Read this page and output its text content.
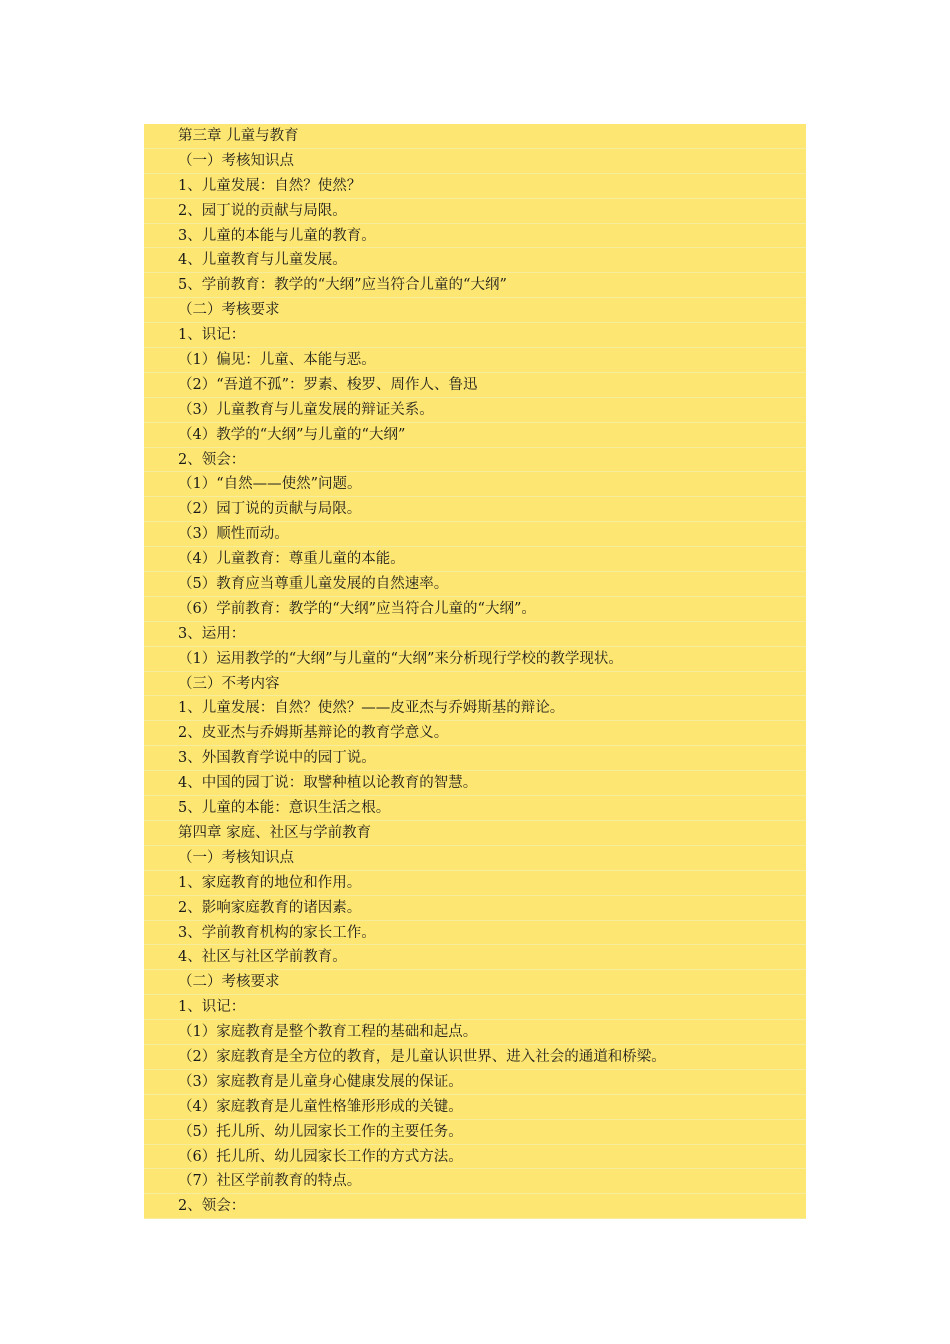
第三章 儿童与教育
（一）考核知识点
1、儿童发展：自然？使然？
2、园丁说的贡献与局限。
3、儿童的本能与儿童的教育。
4、儿童教育与儿童发展。
5、学前教育：教学的“大纲”应当符合儿童的“大纲”
（二）考核要求
1、识记：
（1）偏见：儿童、本能与恶。
（2）“吾道不孤”：罗素、梭罗、周作人、鲁迅
（3）儿童教育与儿童发展的辩证关系。
（4）教学的“大纲”与儿童的“大纲”
2、领会：
（1）“自然——使然”问题。
（2）园丁说的贡献与局限。
（3）顺性而动。
（4）儿童教育：尊重儿童的本能。
（5）教育应当尊重儿童发展的自然速率。
（6）学前教育：教学的“大纲”应当符合儿童的“大纲”。
3、运用：
（1）运用教学的“大纲”与儿童的“大纲”来分析现行学校的教学现状。
（三）不考内容
1、儿童发展：自然？使然？——皮亚杰与乔姆斯基的辩论。
2、皮亚杰与乔姆斯基辩论的教育学意义。
3、外国教育学说中的园丁说。
4、中国的园丁说：取譬种植以论教育的智慧。
5、儿童的本能：意识生活之根。
第四章 家庭、社区与学前教育
（一）考核知识点
1、家庭教育的地位和作用。
2、影响家庭教育的诸因素。
3、学前教育机构的家长工作。
4、社区与社区学前教育。
（二）考核要求
1、识记：
（1）家庭教育是整个教育工程的基础和起点。
（2）家庭教育是全方位的教育，是儿童认识世界、进入社会的通道和桥梁。
（3）家庭教育是儿童身心健康发展的保证。
（4）家庭教育是儿童性格雏形形成的关键。
（5）托儿所、幼儿园家长工作的主要任务。
（6）托儿所、幼儿园家长工作的方式方法。
（7）社区学前教育的特点。
2、领会：
